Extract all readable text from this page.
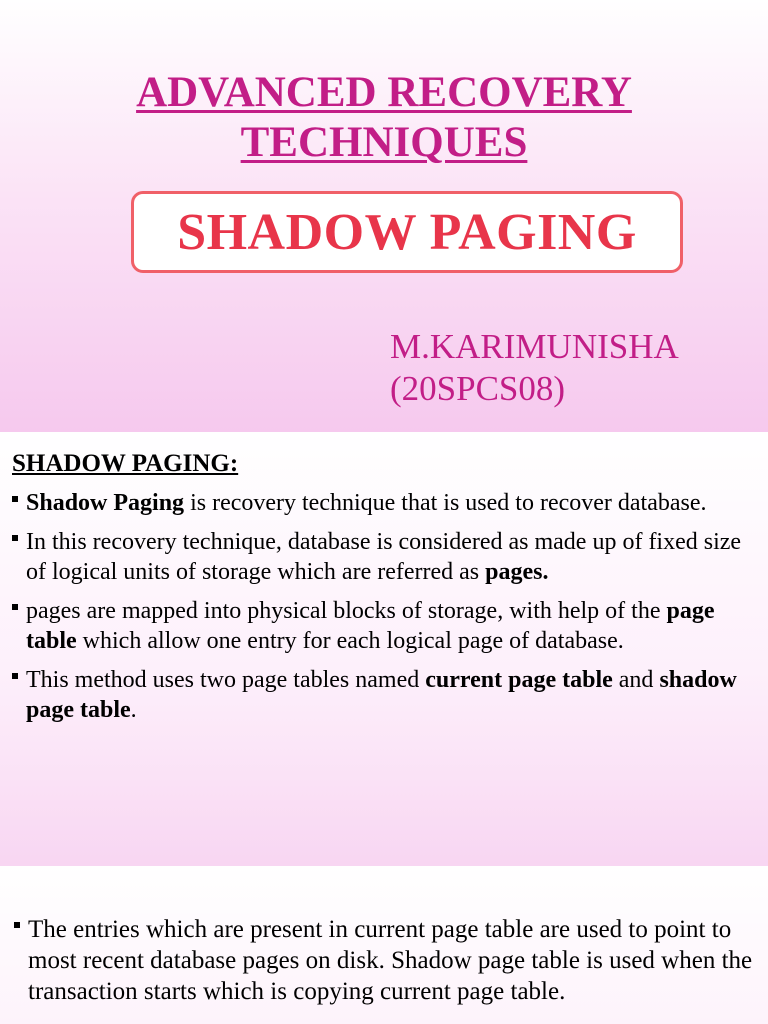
ADVANCED RECOVERY
TECHNIQUES
SHADOW PAGING
M.KARIMUNISHA
(20SPCS08)
SHADOW PAGING:
Shadow Paging is recovery technique that is used to recover database.
In this recovery technique, database is considered as made up of fixed size of logical units of storage which are referred as pages.
pages are mapped into physical blocks of storage, with help of the page table which allow one entry for each logical page of database.
This method uses two page tables named current page table and shadow page table.
The entries which are present in current page table are used to point to most recent database pages on disk. Shadow page table is used when the transaction starts which is copying current page table.
